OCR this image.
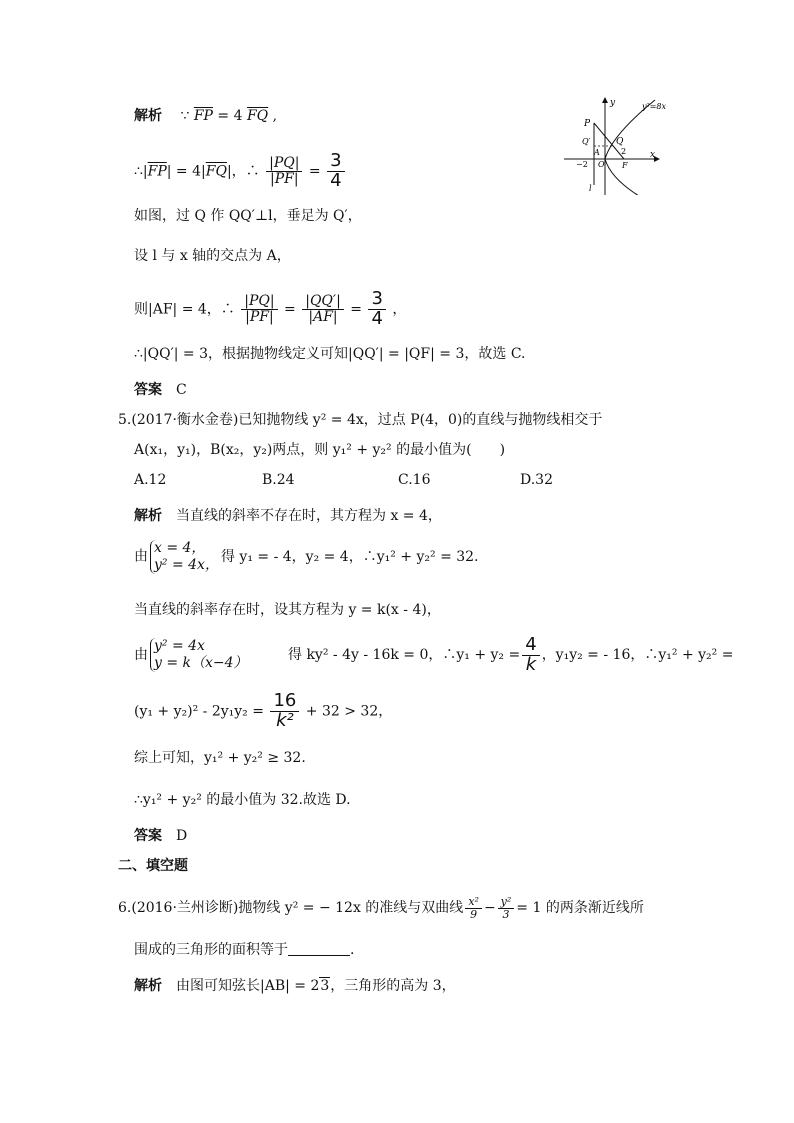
y	y²=8x
x
P
Q′	Q
A	2
−2 O F
l
解析 ∵ $\overline{FP} = 4$ $\overline{FQ}$ ,
$\therefore|\overline{FP}| = 4|\overline{FQ}|$，∴ $\frac{|PQ|}{|PF|} = \frac{3}{4}$
如图，过 Q 作 QQ′⊥l，垂足为 Q′，
设 l 与 x 轴的交点为 A，
则|AF| = 4，∴ $\frac{|PQ|}{|PF|} = \frac{|QQ'|}{|AF|} = \frac{3}{4}$ ，
∴|QQ′| = 3，根据抛物线定义可知|QQ′| = |QF| = 3，故选 C.
答案 C
5.(2017·衡水金卷)已知抛物线 y² = 4x，过点 P(4，0)的直线与抛物线相交于
A(x₁，y₁)，B(x₂，y₂)两点，则 y₁² + y₂² 的最小值为(　　)
A.12	B.24	C.16	D.32
解析 当直线的斜率不存在时，其方程为 x = 4，
由
x = 4，
y² = 4x，
得 y₁ = - 4，y₂ = 4，∴y₁² + y₂² = 32.
当直线的斜率存在时，设其方程为 y = k(x - 4)，
由
y² = 4x
y = k（x−4）
得 ky² - 4y - 16k = 0，∴y₁ + $y_2 = \frac{4}{k}$ ，y₁y₂ = - 16，∴y₁² + y₂² =
$(y_1 + y_2)^2 - 2y_1y_2 = \frac{16}{\text{k²}} + 32 > 32$，
综上可知，y₁² + y₂² ≥ 32.
∴y₁² + y₂² 的最小值为 32.故选 D.
答案 D
二、填空题
6.(2016·兰州诊断)抛物线 y² = − 12x 的准线与双曲线 $\frac{\text{x²}}{9} - \frac{\text{y²}}{3} = 1$ 的两条渐近线所
围成的三角形的面积等于	.
解析 由图可知弦长|AB| = 23，三角形的高为 3，
